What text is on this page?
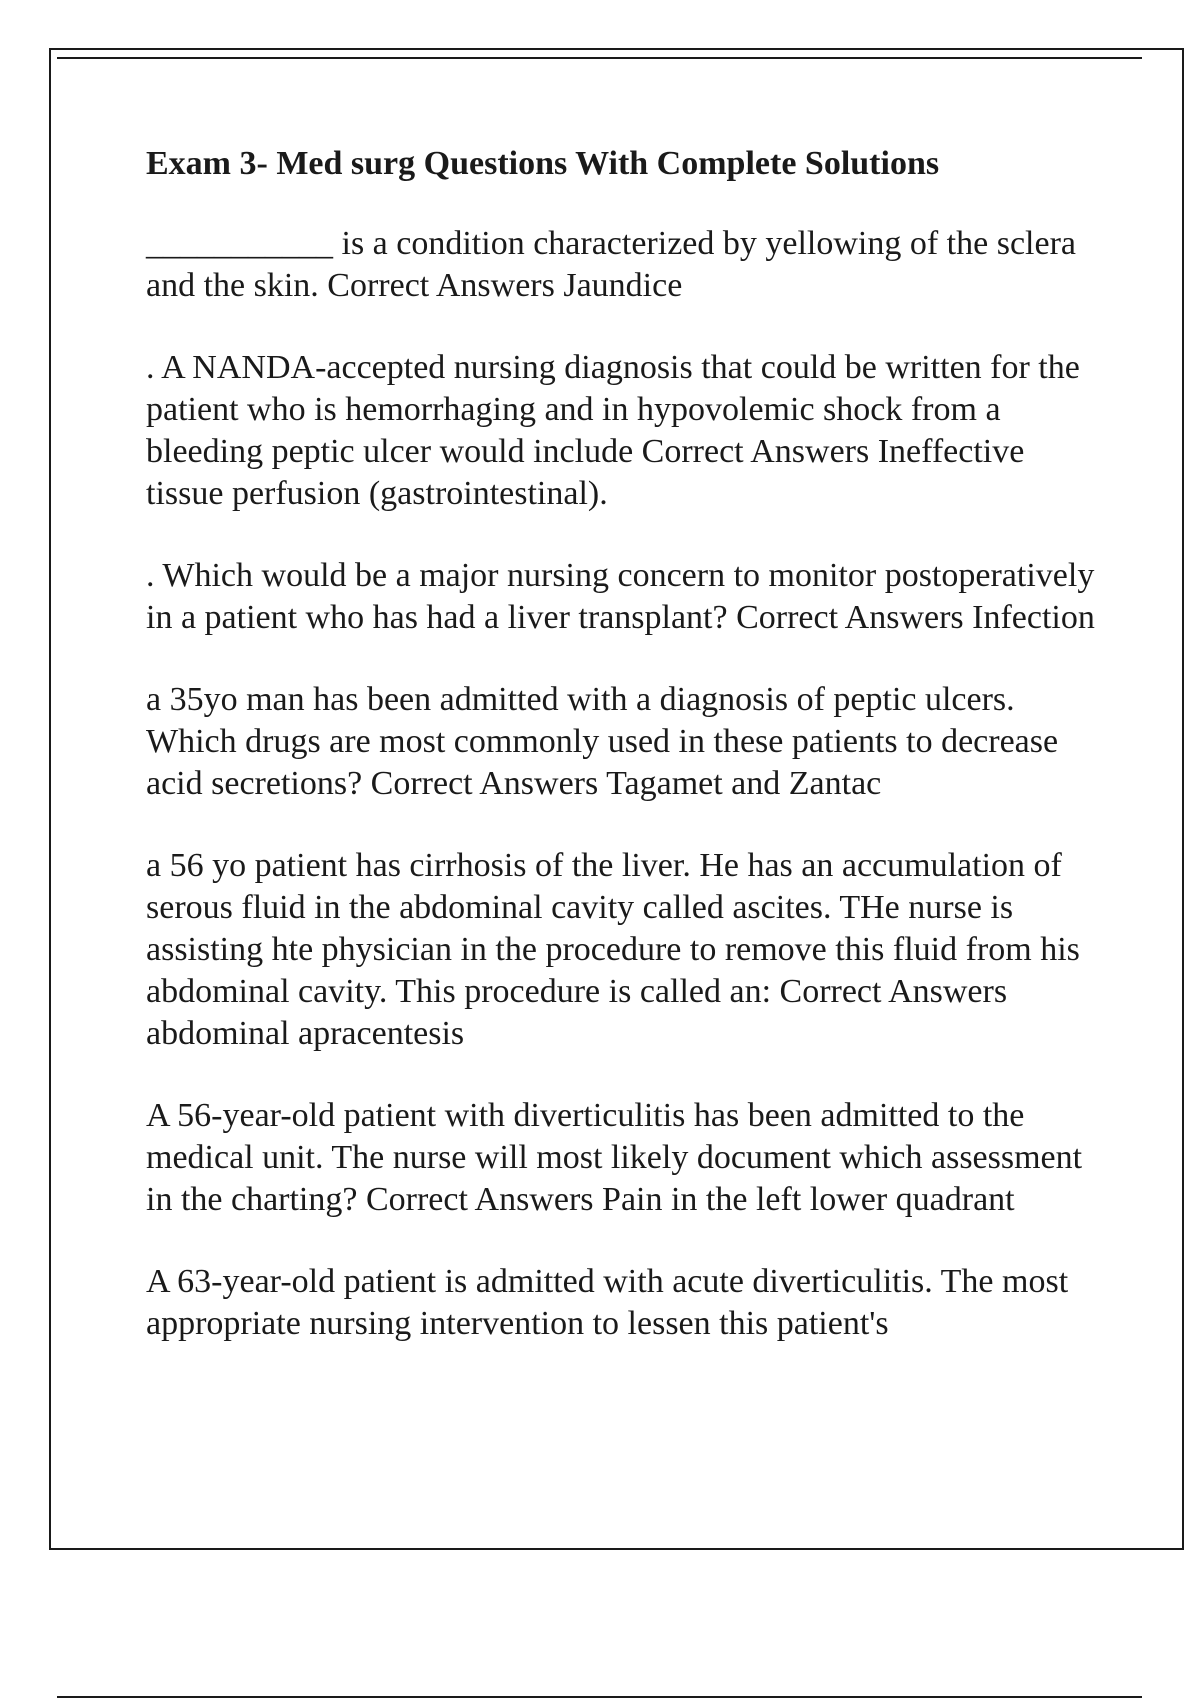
Exam 3- Med surg Questions With Complete Solutions
___________ is a condition characterized by yellowing of the sclera and the skin. Correct Answers Jaundice
. A NANDA-accepted nursing diagnosis that could be written for the patient who is hemorrhaging and in hypovolemic shock from a bleeding peptic ulcer would include Correct Answers Ineffective tissue perfusion (gastrointestinal).
. Which would be a major nursing concern to monitor postoperatively in a patient who has had a liver transplant? Correct Answers Infection
a 35yo man has been admitted with a diagnosis of peptic ulcers. Which drugs are most commonly used in these patients to decrease acid secretions? Correct Answers Tagamet and Zantac
a 56 yo patient has cirrhosis of the liver. He has an accumulation of serous fluid in the abdominal cavity called ascites. THe nurse is assisting hte physician in the procedure to remove this fluid from his abdominal cavity. This procedure is called an: Correct Answers abdominal apracentesis
A 56-year-old patient with diverticulitis has been admitted to the medical unit. The nurse will most likely document which assessment in the charting? Correct Answers Pain in the left lower quadrant
A 63-year-old patient is admitted with acute diverticulitis. The most appropriate nursing intervention to lessen this patient's
